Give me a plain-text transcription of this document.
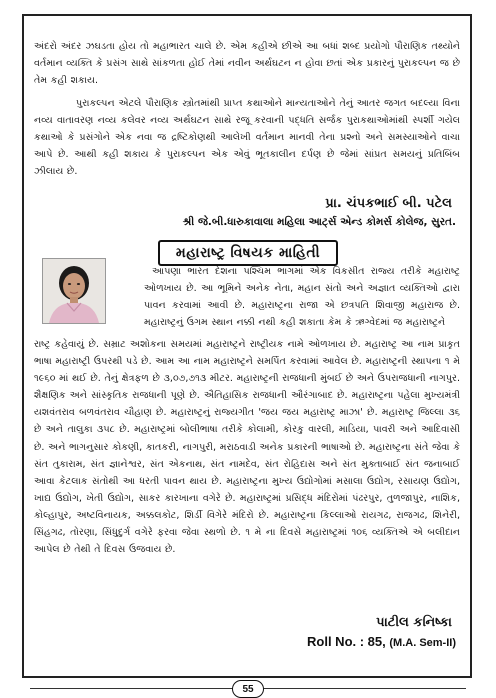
અંદરો અંદર ઝઘડતા હોય તો મહાભારત ચાલે છે. એમ કહીએ છીએ આ બધાં શબ્દ પ્રયોગો પૌરાણિક તથ્યોને વર્તમાન વ્યક્તિ કે પ્રસંગ સાથે સાંકળતા હોઈ તેમાં નવીન અર્થઘટન ન હોવા છતાં એક પ્રકારનું પુરાકલ્પન જ છે તેમ કહી શકાય.
પુરાકલ્પન એટલે પૌરાણિક સ્ત્રોતમાંથી પ્રાપ્ત કથાઓને માન્યતાઓને તેનું આતર જગત બદલ્યા વિના નવ્ય વાતાવરણ નવ્ય કલેવર નવ્ય અર્થઘટન સાથે રજૂ કરવાની પદ્ધતિ સર્જક પુરાકથાઓમાંથી સ્પર્શી ગયેલ કથાઓ કે પ્રસંગોને એક નવા જ દ્રષ્ટિકોણથી આલેખી વર્તમાન માનવી તેના પ્રશ્નો અને સમસ્યાઓને વાચા આપે છે. આથી કહી શકાય કે પુરાકલ્પન એક એવું ભૂતકાલીન દર્પણ છે જેમાં સાંપ્રત સમયનું પ્રતિબિંબ ઝીલાય છે.
પ્રા. ચંપકભાઈ બી. પટેલ
શ્રી જે.બી.ધારુકાવાલા મહિલા આર્ટ્સ એન્ડ કોમર્સ કોલેજ, સુરત.
મહારાષ્ટ્ર વિષયક માહિતી
આપણા ભારત દેશના પશ્ચિમ ભાગમાં એક વિકસીત રાજ્ય તરીકે મહારાષ્ટ્ર ઓળખાય છે. આ ભૂમિને અનેક નેતા, મહાન સંતો અને અજ્ઞાત વ્યક્તિઓ દ્વારા પાવન કરવામાં આવી છે. મહારાષ્ટ્રના રાજા એ છત્રપતિ શિવાજી મહારાજ છે. મહારાષ્ટ્રનું ઉગમ સ્થાન નક્કી નથી કહી શકાતા કેમ કે ઋગ્વેદમાં જ મહારાષ્ટ્રને
રાષ્ટ્ર કહેવાયું છે. સમ્રાટ અશોકના સમયમાં મહારાષ્ટ્રને રાષ્ટ્રીયક નામે ઓળખાય છે. મહારાષ્ટ્ર આ નામ પ્રાકૃત ભાષા મહારાષ્ટ્રી ઉપરથી પડે છે. આમ આ નામ મહારાષ્ટ્રને સમર્પિત કરવામાં આવેલ છે. મહારાષ્ટ્રની સ્થાપના ૧ મે ૧૯૬૦ માં થઈ છે. તેનું ક્ષેત્રફળ છે ૩,૦૭,૭૧૩ મીટર. મહારાષ્ટ્રની રાજધાની મુંબઈ છે અને ઉપરાજધાની નાગપુર. શૈક્ષણિક અને સાંસ્કૃતિક રાજધાની પૂણે છે. ઐતિહાસિક રાજધાની ઔરંગાબાદ છે. મહારાષ્ટ્રના પહેલા મુખ્યમંત્રી યશવંતરાવ બળવંતરાવ ચૌહાણ છે. મહારાષ્ટ્રનું રાજ્યગીત 'જય જય મહારાષ્ટ્ર માઝા' છે. મહારાષ્ટ્ર જિલ્લા ૩૬ છે અને તાલુકા ૩૫૮ છે. મહારાષ્ટ્રમાં બોલીભાષા તરીકે કોલામી, કોરકુ વારલી, માડિયા, પાવરી અને આદિવાસી છે. અને ભાગનુસાર કોકણી, કાતકરી, નાગપુરી, મરાઠવાડી અનેક પ્રકારની ભાષાઓ છે. મહારાષ્ટ્રના સંતે જેવા કે સંત તુકારામ, સંત જ્ઞાનેશ્વર, સંત એકનાથ, સંત નામદેવ, સંત રોહિદાસ અને સંત મુક્તાબાઈ સંત જનાબાઈ આવા કેટલાક સંતોથી આ ધરતી પાવન થાય છે. મહારાષ્ટ્રના મુખ્ય ઉદ્યોગોમાં મસાલા ઉદ્યોગ, રસાયણ ઉદ્યોગ, ખાદ્ય ઉદ્યોગ, ખેતી ઉદ્યોગ, સાકર કારખાના વગેરે છે. મહારાષ્ટ્રમાં પ્રસિદ્ધ મંદિરોમાં પંઢરપુર, તુળજાપુર, નાશિક, કોલ્હાપુર, અષ્ટવિનાયક, અક્કલકોટ, શિર્ડી વિગેરે મંદિરો છે. મહારાષ્ટ્રના કિલ્લાઓ રાયગઢ, રાજગઢ, શિનેરી, સિંહગઢ, તોરણા, સિંધુદુર્ગ વગેરે ફરવા જેવા સ્થળો છે. ૧ મે ના દિવસે મહારાષ્ટ્રમાં ૧૦૬ વ્યક્તિએ એ બલીદાન આપેલ છે તેથી તે દિવસ ઉજવાય છે.
પાટીલ કનિષ્કા
Roll No. : 85, (M.A. Sem-II)
55
